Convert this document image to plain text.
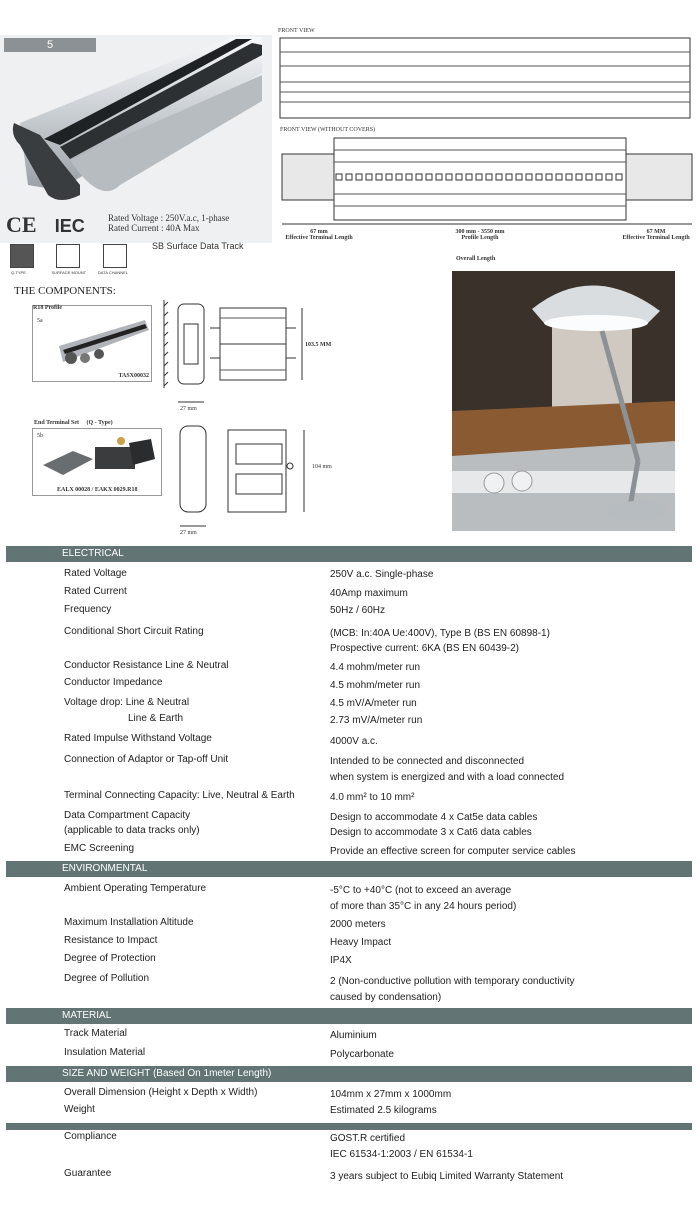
5
CE IEC	Rated Voltage : 250V.a.c, 1-phase
Rated Current : 40A Max
SB Surface Data Track
Q-TYPE
	SURFACE MOUNT
	DATA CHANNEL
FRONT VIEW
FRONT VIEW (WITHOUT COVERS)
67 mm
Effective Terminal Length
300 mm - 3550 mm
Profile Length
67 MM
Effective Terminal Length
Overall Length
THE COMPONENTS:
R18 Profile
5a
TASX00032
103.5 MM
27 mm
End Terminal Set (Q - Type)
5b
EALX 00028 / EAKX 0029.R18
104 mm
27 mm
ELECTRICAL
Rated Voltage	250V a.c. Single-phase
Rated Current	40Amp maximum
Frequency	50Hz / 60Hz
Conditional Short Circuit Rating	(MCB: In:40A Ue:400V), Type B (BS EN 60898-1)
Prospective current: 6KA (BS EN 60439-2)
Conductor Resistance Line & Neutral	4.4 mohm/meter run
Conductor Impedance	4.5 mohm/meter run
Voltage drop: Line & Neutral	4.5 mV/A/meter run
Line & Earth	2.73 mV/A/meter run
Rated Impulse Withstand Voltage	4000V a.c.
Connection of Adaptor or Tap-off Unit	Intended to be connected and disconnected
when system is energized and with a load connected
Terminal Connecting Capacity: Live, Neutral & Earth	4.0 mm² to 10 mm²
Data Compartment Capacity	Design to accommodate 4 x Cat5e data cables
(applicable to data tracks only)	Design to accommodate 3 x Cat6 data cables
EMC Screening	Provide an effective screen for computer service cables
ENVIRONMENTAL
Ambient Operating Temperature	-5°C to +40°C (not to exceed an average
of more than 35°C in any 24 hours period)
Maximum Installation Altitude	2000 meters
Resistance to Impact	Heavy Impact
Degree of Protection	IP4X
Degree of Pollution	2 (Non-conductive pollution with temporary conductivity
caused by condensation)
MATERIAL
Track Material	Aluminium
Insulation Material	Polycarbonate
SIZE AND WEIGHT (Based On 1meter Length)
Overall Dimension (Height x Depth x Width)	104mm x 27mm x 1000mm
Weight	Estimated 2.5 kilograms
Compliance	GOST.R certified
IEC 61534-1:2003 / EN 61534-1
Guarantee	3 years subject to Eubiq Limited Warranty Statement
